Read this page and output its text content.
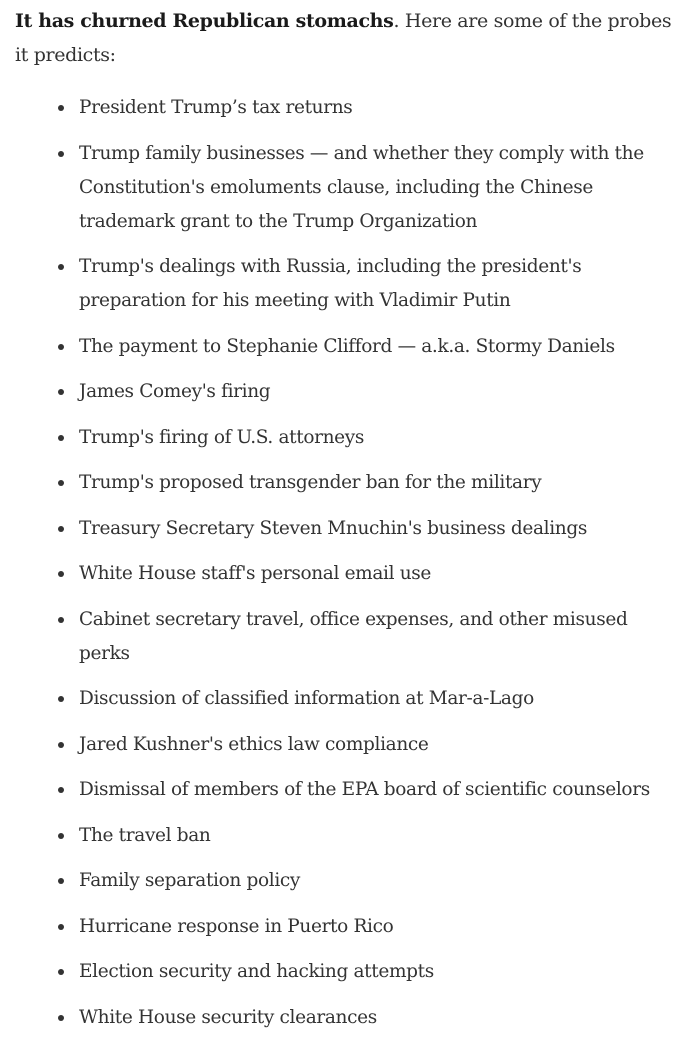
It has churned Republican stomachs. Here are some of the probes it predicts:

President Trump’s tax returns
Trump family businesses — and whether they comply with the Constitution's emoluments clause, including the Chinese trademark grant to the Trump Organization
Trump's dealings with Russia, including the president's preparation for his meeting with Vladimir Putin
The payment to Stephanie Clifford — a.k.a. Stormy Daniels
James Comey's firing
Trump's firing of U.S. attorneys
Trump's proposed transgender ban for the military
Treasury Secretary Steven Mnuchin's business dealings
White House staff's personal email use
Cabinet secretary travel, office expenses, and other misused perks
Discussion of classified information at Mar-a-Lago
Jared Kushner's ethics law compliance
Dismissal of members of the EPA board of scientific counselors
The travel ban
Family separation policy
Hurricane response in Puerto Rico
Election security and hacking attempts
White House security clearances
